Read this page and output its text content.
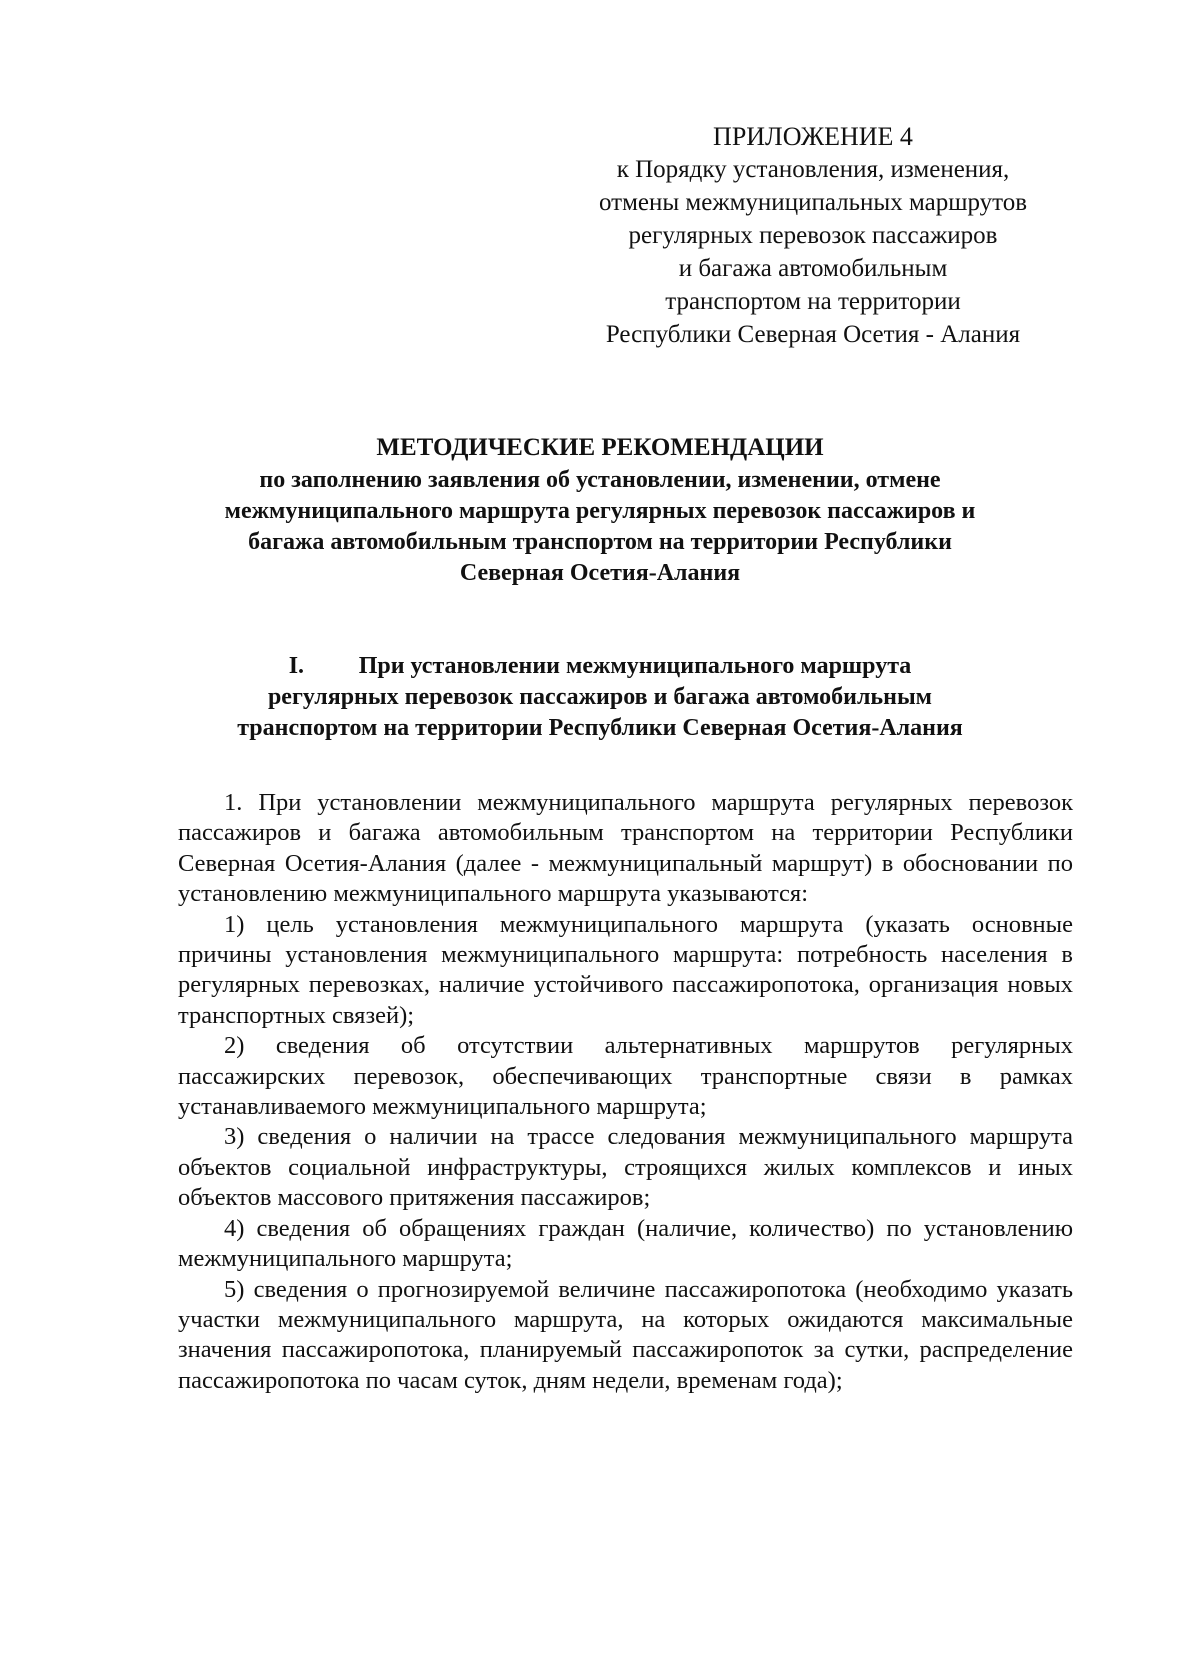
ПРИЛОЖЕНИЕ 4
к Порядку установления, изменения,
отмены межмуниципальных маршрутов
регулярных перевозок пассажиров
и багажа автомобильным
транспортом на территории
Республики Северная Осетия - Алания
МЕТОДИЧЕСКИЕ РЕКОМЕНДАЦИИ
по заполнению заявления об установлении, изменении, отмене
межмуниципального маршрута регулярных перевозок пассажиров и
багажа автомобильным транспортом на территории Республики
Северная Осетия-Алания
I. При установлении межмуниципального маршрута
регулярных перевозок пассажиров и багажа автомобильным
транспортом на территории Республики Северная Осетия-Алания

1. При установлении межмуниципального маршрута регулярных перевозок пассажиров и багажа автомобильным транспортом на территории Республики Северная Осетия-Алания (далее - межмуниципальный маршрут) в обосновании по установлению межмуниципального маршрута указываются:

1) цель установления межмуниципального маршрута (указать основные причины установления межмуниципального маршрута: потребность населения в регулярных перевозках, наличие устойчивого пассажиропотока, организация новых транспортных связей);

2) сведения об отсутствии альтернативных маршрутов регулярных пассажирских перевозок, обеспечивающих транспортные связи в рамках устанавливаемого межмуниципального маршрута;

3) сведения о наличии на трассе следования межмуниципального маршрута объектов социальной инфраструктуры, строящихся жилых комплексов и иных объектов массового притяжения пассажиров;

4) сведения об обращениях граждан (наличие, количество) по установлению межмуниципального маршрута;

5) сведения о прогнозируемой величине пассажиропотока (необходимо указать участки межмуниципального маршрута, на которых ожидаются максимальные значения пассажиропотока, планируемый пассажиропоток за сутки, распределение пассажиропотока по часам суток, дням недели, временам года);
